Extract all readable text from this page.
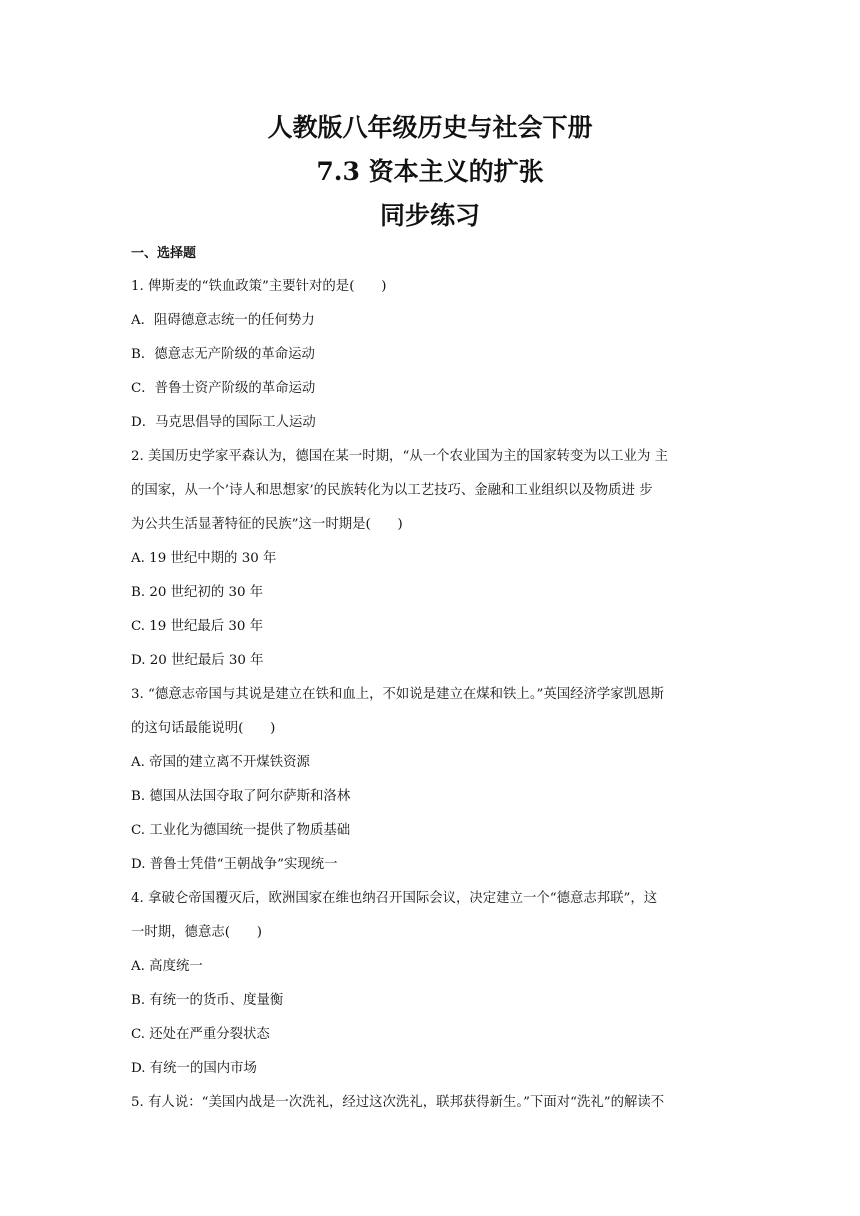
人教版八年级历史与社会下册
7.3 资本主义的扩张
同步练习
一、选择题
1. 俾斯麦的“铁血政策”主要针对的是(　　)
A．阻碍德意志统一的任何势力
B．德意志无产阶级的革命运动
C．普鲁士资产阶级的革命运动
D．马克思倡导的国际工人运动
2. 美国历史学家平森认为，德国在某一时期，“从一个农业国为主的国家转变为以工业为 主
的国家，从一个’诗人和思想家’的民族转化为以工艺技巧、金融和工业组织以及物质进 步
为公共生活显著特征的民族”这一时期是(　　)
A. 19 世纪中期的 30 年
B. 20 世纪初的 30 年
C. 19 世纪最后 30 年
D. 20 世纪最后 30 年
3. “德意志帝国与其说是建立在铁和血上，不如说是建立在煤和铁上。”英国经济学家凯恩斯
的这句话最能说明(　　)
A. 帝国的建立离不开煤铁资源
B. 德国从法国夺取了阿尔萨斯和洛林
C. 工业化为德国统一提供了物质基础
D. 普鲁士凭借“王朝战争”实现统一
4. 拿破仑帝国覆灭后，欧洲国家在维也纳召开国际会议，决定建立一个“德意志邦联”，这
一时期，德意志(　　)
A. 高度统一
B. 有统一的货币、度量衡
C. 还处在严重分裂状态
D. 有统一的国内市场
5. 有人说：“美国内战是一次洗礼，经过这次洗礼，联邦获得新生。”下面对“洗礼”的解读不
